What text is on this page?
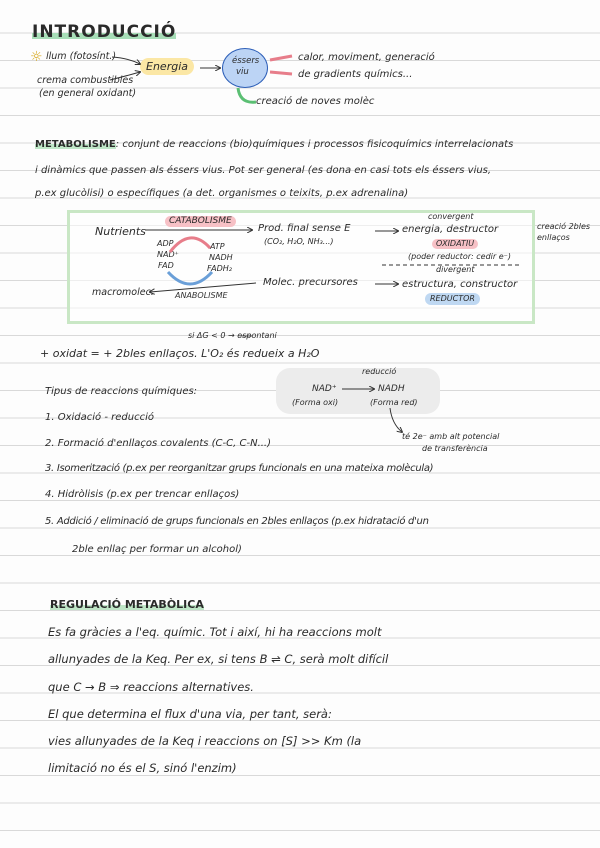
INTRODUCCIÓ
☼ llum (fotosínt.)
crema combustibles
(en general oxidant)
Energia	éssers
viu
calor, moviment, generació
de gradients químics...
creació de noves molèc
METABOLISME: conjunt de reaccions (bio)químiques i processos fisicoquímics interrelacionats
i dinàmics que passen als éssers vius. Pot ser general (es dona en casi tots els éssers vius,
p.ex glucòlisi) o específiques (a det. organismes o teixits, p.ex adrenalina)
Nutrients
CATABOLISME
Prod. final sense E
(CO₂, H₂O, NH₃...)
ADP
NAD⁺
FAD
ATP
NADH
FADH₂
convergent
energia, destructor
OXIDATIU
(poder reductor: cedir e⁻)
creació 2bles
enllaços
macromolec.	ANABOLISME
Molec. precursores
divergent
estructura, constructor
REDUCTOR
si ΔG < 0 → espontani
+ oxidat = + 2bles enllaços. L'O₂ és redueix a H₂O
reducció
NAD⁺	NADH
(Forma oxi)	(Forma red)
té 2e⁻ amb alt potencial
de transferència
Tipus de reaccions químiques:
1. Oxidació - reducció
2. Formació d'enllaços covalents (C-C, C-N...)
3. Isomerització (p.ex per reorganitzar grups funcionals en una mateixa molècula)
4. Hidròlisis (p.ex per trencar enllaços)
5. Addició / eliminació de grups funcionals en 2bles enllaços (p.ex hidratació d'un
2ble enllaç per formar un alcohol)
REGULACIÓ METABÒLICA
Es fa gràcies a l'eq. químic. Tot i així, hi ha reaccions molt
allunyades de la Keq. Per ex, si tens B ⇌ C, serà molt difícil
que C → B ⇒ reaccions alternatives.
El que determina el flux d'una via, per tant, serà:
vies allunyades de la Keq i reaccions on [S] >> Km (la
limitació no és el S, sinó l'enzim)
